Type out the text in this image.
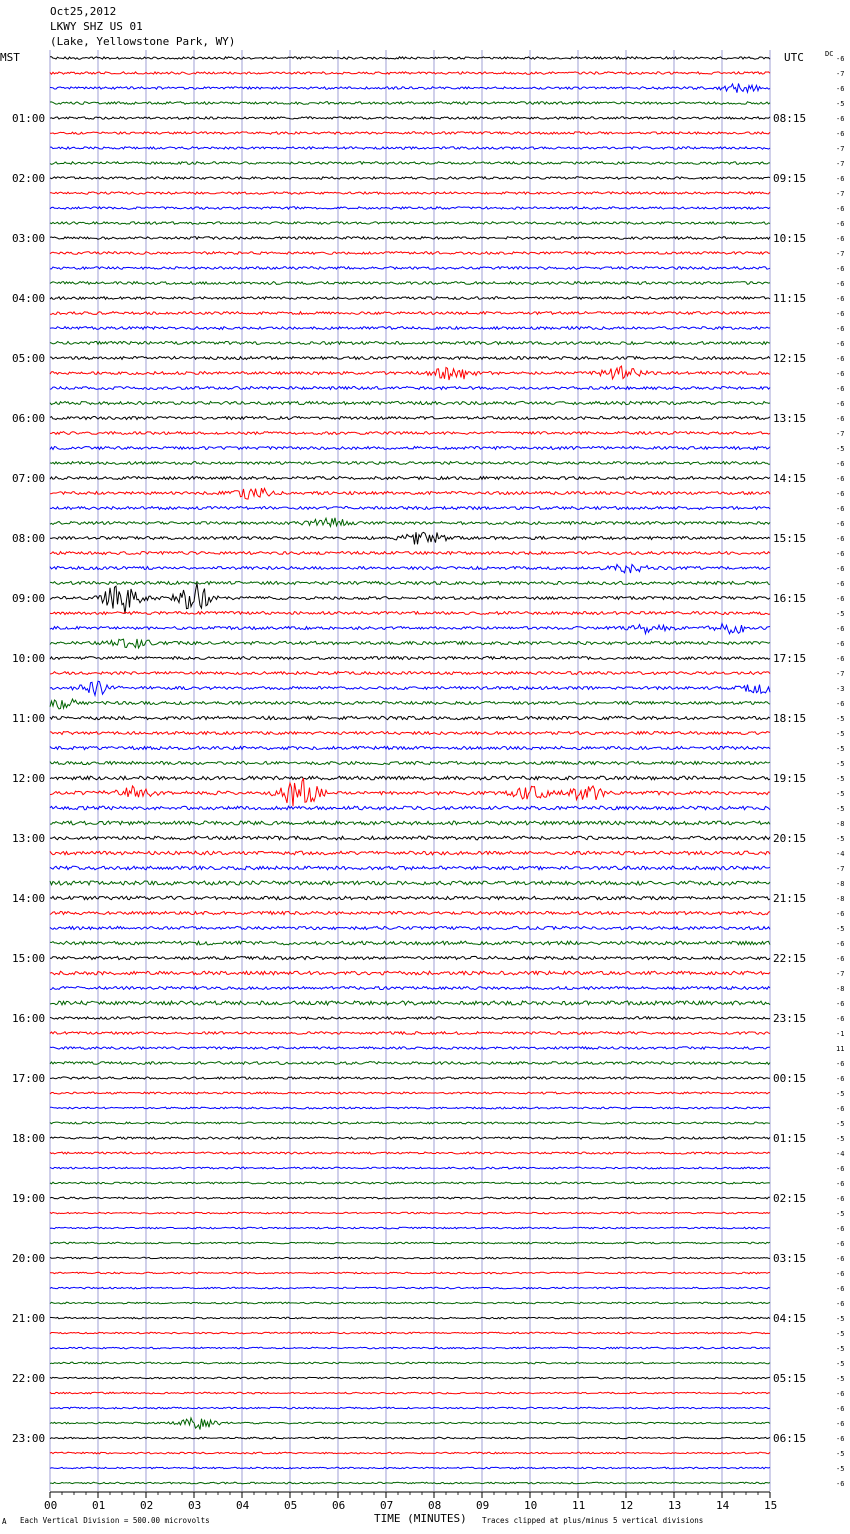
Oct25,2012
LKWY SHZ US 01
(Lake, Yellowstone Park, WY)
MST	UTC	DC
01:00
02:00
03:00
04:00
05:00
06:00
07:00
08:00
09:00
10:00
11:00
12:00
13:00
14:00
15:00
16:00
17:00
18:00
19:00
20:00
21:00
22:00
23:00
08:15
09:15
10:15
11:15
12:15
13:15
14:15
15:15
16:15
17:15
18:15
19:15
20:15
21:15
22:15
23:15
00:15
01:15
02:15
03:15
04:15
05:15
06:15
-6
-7
-6
-5
-6
-6
-7
-7
-6
-7
-6
-6
-6
-7
-6
-6
-6
-6
-6
-6
-6
-6
-6
-6
-6
-7
-5
-6
-6
-6
-6
-6
-6
-6
-6
-6
-6
-5
-6
-6
-6
-7
-3
-6
-5
-5
-5
-5
-5
-5
-5
-8
-5
-4
-7
-8
-8
-6
-5
-6
-6
-7
-8
-6
-6
-1
11
-6
-6
-5
-6
-5
-5
-4
-6
-6
-6
-5
-6
-6
-6
-6
-6
-6
-5
-5
-5
-5
-5
-6
-6
-6
-6
-5
-5
-6
00	01	02	03	04	05	06	07	08	09	10	11	12	13	14	15
TIME (MINUTES)
A Each Vertical Division = 500.00 microvolts	Traces clipped at plus/minus 5 vertical divisions
